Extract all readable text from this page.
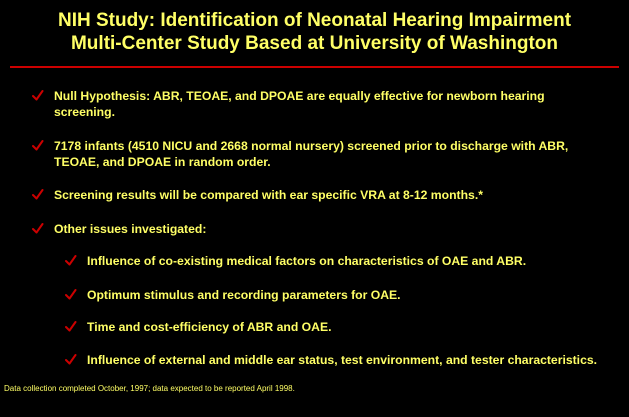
NIH Study: Identification of Neonatal Hearing Impairment
Multi-Center Study Based at University of Washington
Null Hypothesis: ABR, TEOAE, and DPOAE are equally effective for newborn hearing screening.
7178 infants (4510 NICU and 2668 normal nursery) screened prior to discharge with ABR, TEOAE, and DPOAE in random order.
Screening results will be compared with ear specific VRA at 8-12 months.*
Other issues investigated:
Influence of co-existing medical factors on characteristics of OAE and ABR.
Optimum stimulus and recording parameters for OAE.
Time and cost-efficiency of ABR and OAE.
Influence of external and middle ear status, test environment, and tester characteristics.
Data collection completed October, 1997; data expected to be reported April 1998.
